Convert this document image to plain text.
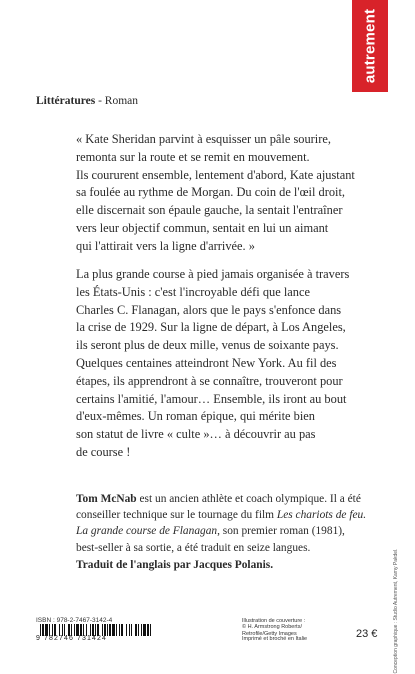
autrement
Littératures - Roman
« Kate Sheridan parvint à esquisser un pâle sourire,
remonta sur la route et se remit en mouvement.
Ils coururent ensemble, lentement d'abord, Kate ajustant
sa foulée au rythme de Morgan. Du coin de l'œil droit,
elle discernait son épaule gauche, la sentait l'entraîner
vers leur objectif commun, sentait en lui un aimant
qui l'attirait vers la ligne d'arrivée. »
La plus grande course à pied jamais organisée à travers
les États-Unis : c'est l'incroyable défi que lance
Charles C. Flanagan, alors que le pays s'enfonce dans
la crise de 1929. Sur la ligne de départ, à Los Angeles,
ils seront plus de deux mille, venus de soixante pays.
Quelques centaines atteindront New York. Au fil des
étapes, ils apprendront à se connaître, trouveront pour
certains l'amitié, l'amour… Ensemble, ils iront au bout
d'eux-mêmes. Un roman épique, qui mérite bien
son statut de livre « culte »… à découvrir au pas
de course !
Tom McNab est un ancien athlète et coach olympique. Il a été
conseiller technique sur le tournage du film Les chariots de feu.
La grande course de Flanagan, son premier roman (1981),
best-seller à sa sortie, a été traduit en seize langues.
Traduit de l'anglais par Jacques Polanis.	Conception graphique : Studio Autrement, Kamy Pakdel.
ISBN : 978-2-7467-3142-4
9 782746 731424
Illustration de couverture :
© H. Armstrong Roberts/
Retrofile/Getty Images
Imprimé et broché en Italie	23 €
